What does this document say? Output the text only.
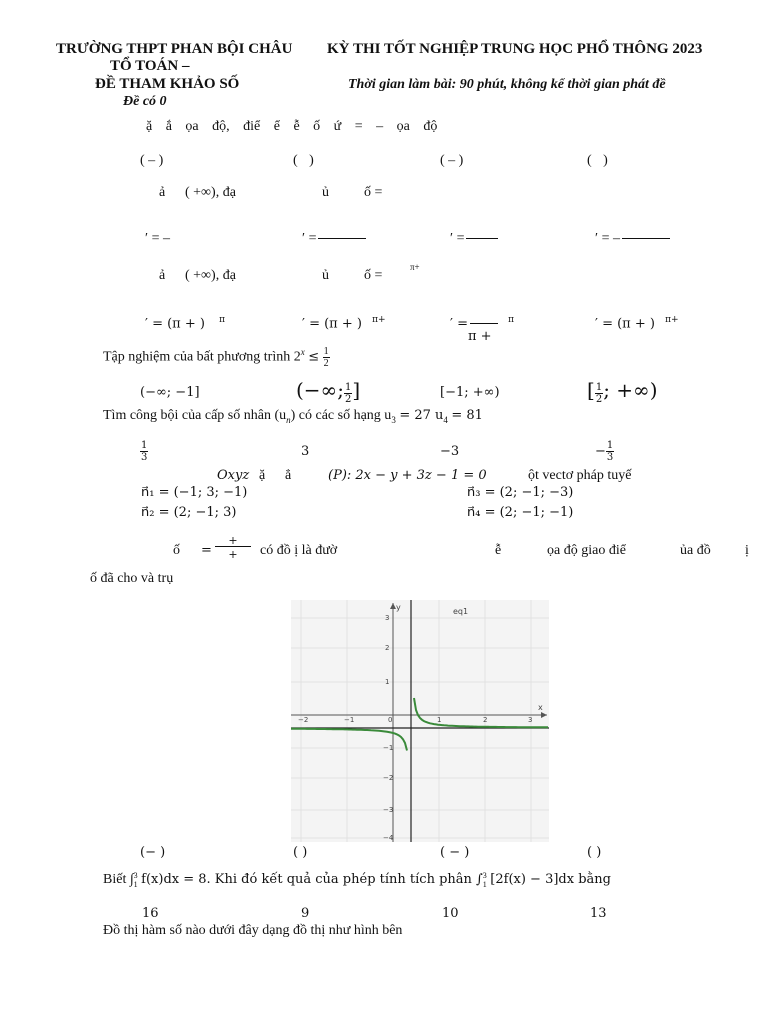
TRƯỜNG THPT PHAN BỘI CHÂU
TỔ TOÁN –
ĐỀ THAM KHẢO SỐ
Đề có 0
KỲ THI TỐT NGHIỆP TRUNG HỌC PHỔ THÔNG 2023
Thời gian làm bài: 90 phút, không kể thời gian phát đề
ặ ắ ọa độ, điể ể ễ ố ứ = – ọa độ
( – )	( )	( – )	( )
ả ( +∞), đạ	ủ	ố =
′ = –	′ =	′ =	′ = –
ả ( +∞), đạ	ủ	ố =
π+
′ = (π + ) $^\pi$	′ = (π + ) $^{\pi+}$	′ =	$^\pi$
π +
′ = (π + ) $^{\pi+}$
Tập nghiệm của bất phương trình $2^x \le \frac{1}{2}$
(−∞; −1]	(−∞; $\frac{1}{2}$ ]	[−1; +∞)	[ $\frac{1}{2}$ ; +∞)
Tìm công bội của cấp số nhân $(u_n)$ có các số hạng $u_3 = 27$ $u_4 = 81$
$\frac{1}{3}$	3	−3	− $\frac{1}{3}$
Oxyz ặ ẳ	(P): 2x − y + 3z − 1 = 0	ột vectơ pháp tuyế
n⃗₁ = (−1; 3; −1)
n⃗₂ = (2; −1; 3)
n⃗₃ = (2; −1; −3)
n⃗₄ = (2; −1; −1)
ố =
+
+	có đồ ị là đườ	ễ	ọa độ giao điể	ủa đồ ị
ố đã cho và trụ
eq1
x
y
−2	−1	0	1	2	3
3
2
1
−1
−2
−3
−4
(− )	( )	( − )	( )
Biết ∫ 3
1 f(x)dx = 8. Khi đó kết quả của phép tính tích phân ∫ 3
1 [2f(x) − 3]dx bằng
16	9	10	13
Đồ thị hàm số nào dưới đây dạng đồ thị như hình bên
